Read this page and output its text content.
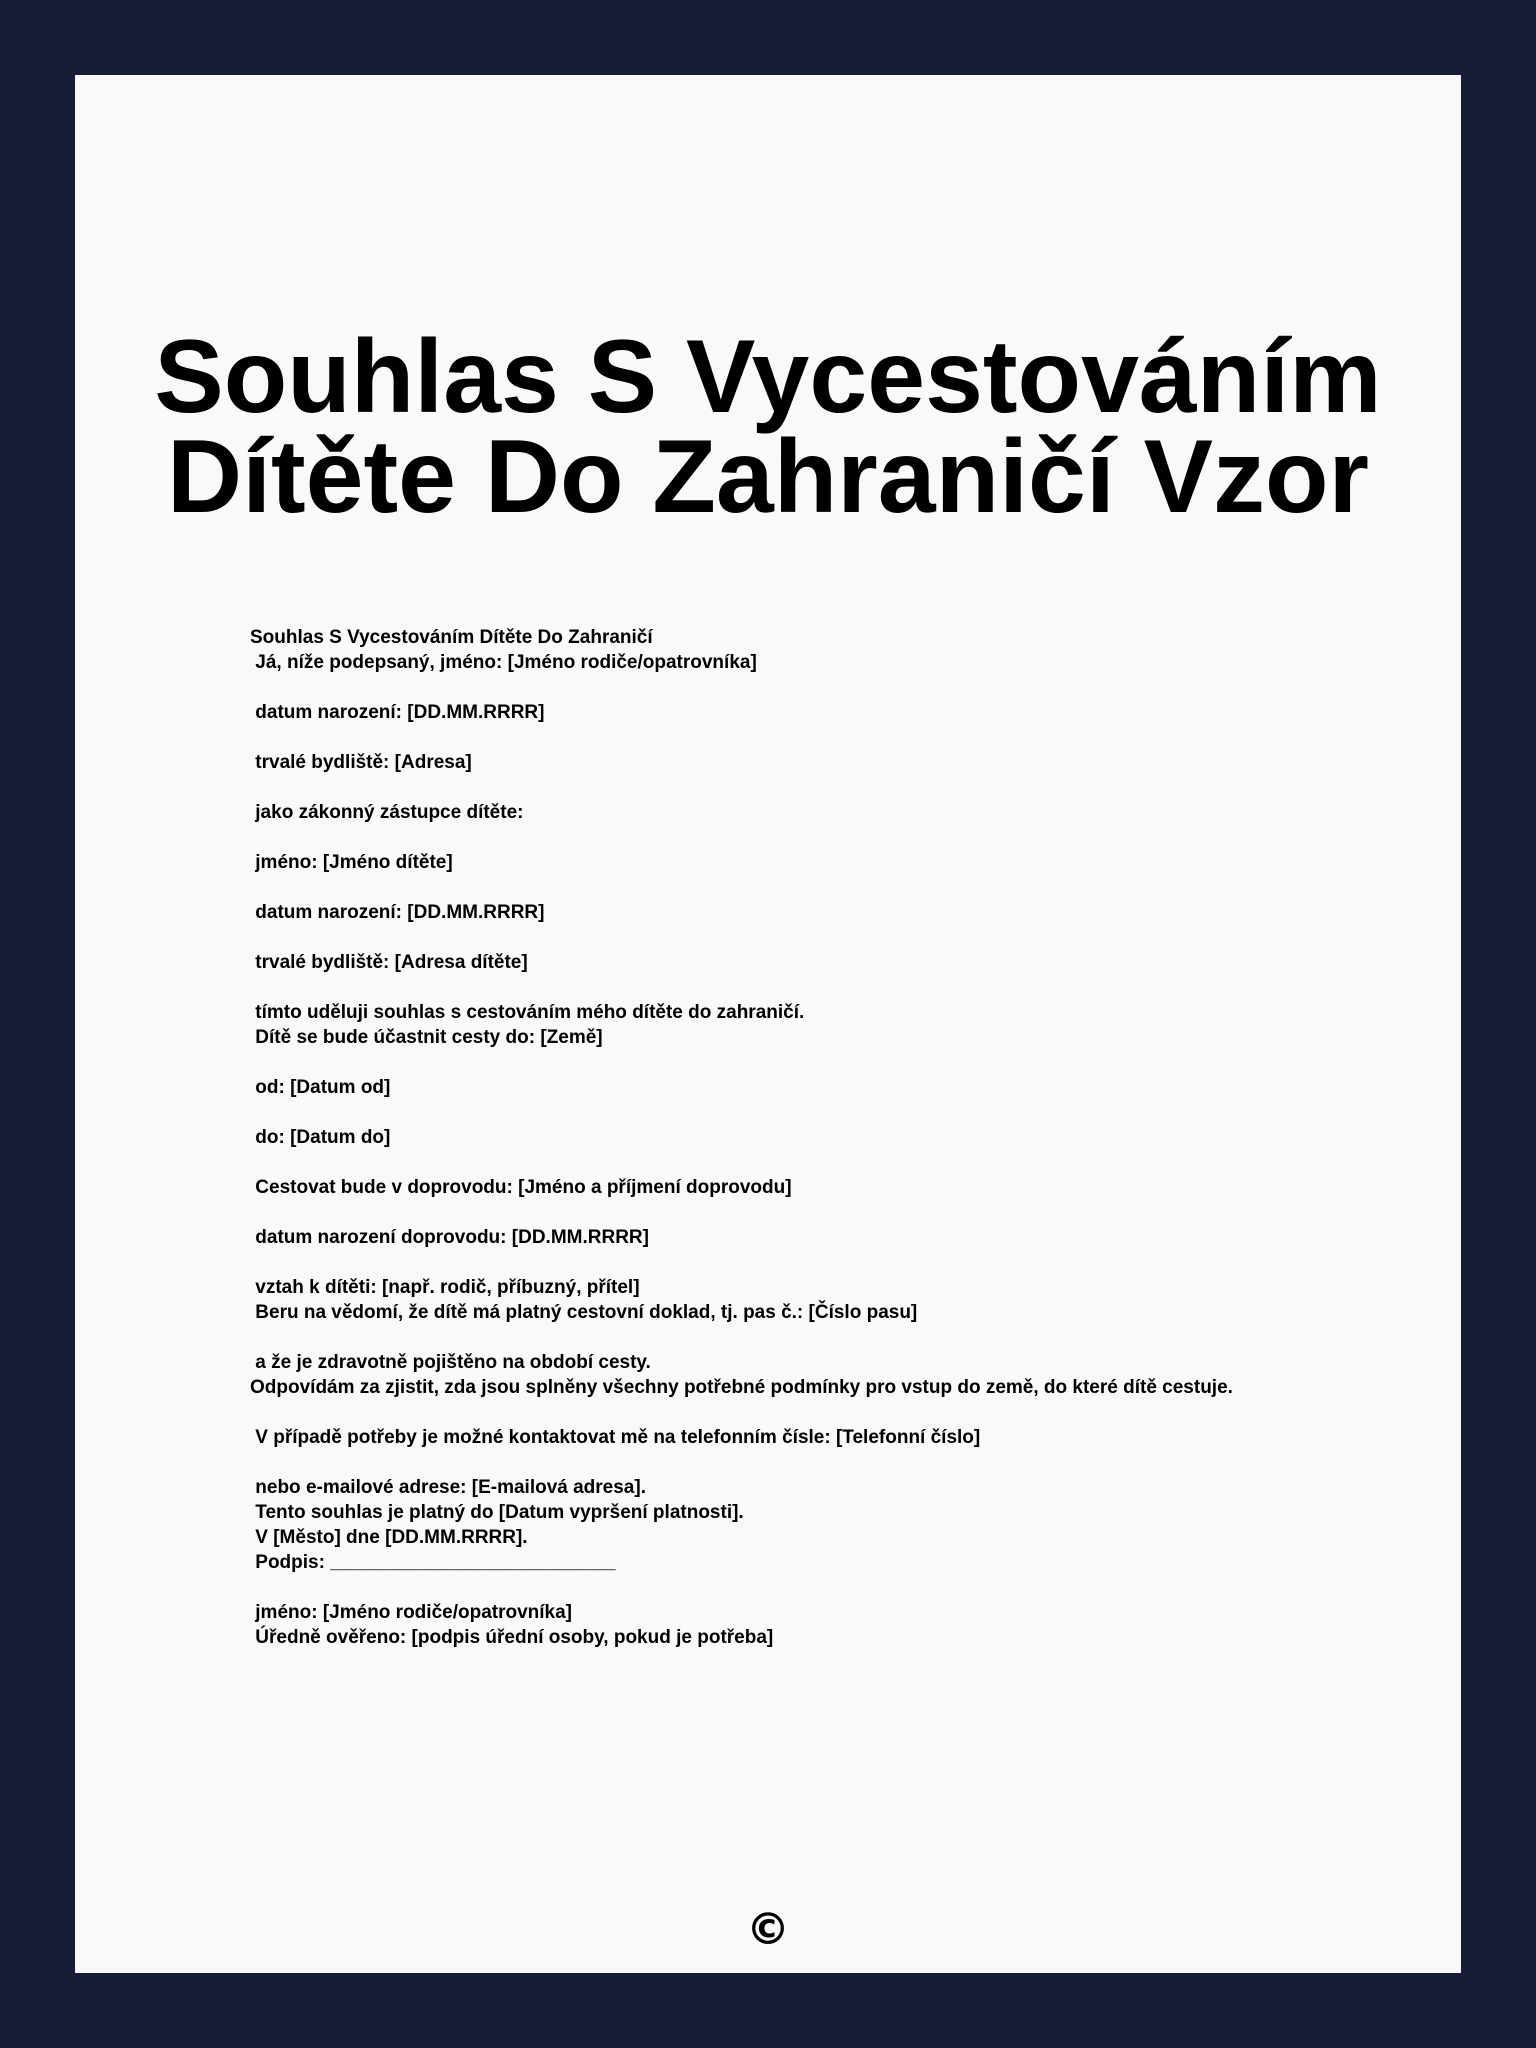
Souhlas S Vycestováním
Dítěte Do Zahraničí Vzor
Souhlas S Vycestováním Dítěte Do Zahraničí
Já, níže podepsaný, jméno: [Jméno rodiče/opatrovníka]
datum narození: [DD.MM.RRRR]
trvalé bydliště: [Adresa]
jako zákonný zástupce dítěte:
jméno: [Jméno dítěte]
datum narození: [DD.MM.RRRR]
trvalé bydliště: [Adresa dítěte]
tímto uděluji souhlas s cestováním mého dítěte do zahraničí.
Dítě se bude účastnit cesty do: [Země]
od: [Datum od]
do: [Datum do]
Cestovat bude v doprovodu: [Jméno a příjmení doprovodu]
datum narození doprovodu: [DD.MM.RRRR]
vztah k dítěti: [např. rodič, příbuzný, přítel]
Beru na vědomí, že dítě má platný cestovní doklad, tj. pas č.: [Číslo pasu]
a že je zdravotně pojištěno na období cesty.
Odpovídám za zjistit, zda jsou splněny všechny potřebné podmínky pro vstup do země, do které dítě cestuje.
V případě potřeby je možné kontaktovat mě na telefonním čísle: [Telefonní číslo]
nebo e-mailové adrese: [E-mailová adresa].
Tento souhlas je platný do [Datum vypršení platnosti].
V [Město] dne [DD.MM.RRRR].
Podpis: ___________________________
jméno: [Jméno rodiče/opatrovníka]
Úředně ověřeno: [podpis úřední osoby, pokud je potřeba]
©
